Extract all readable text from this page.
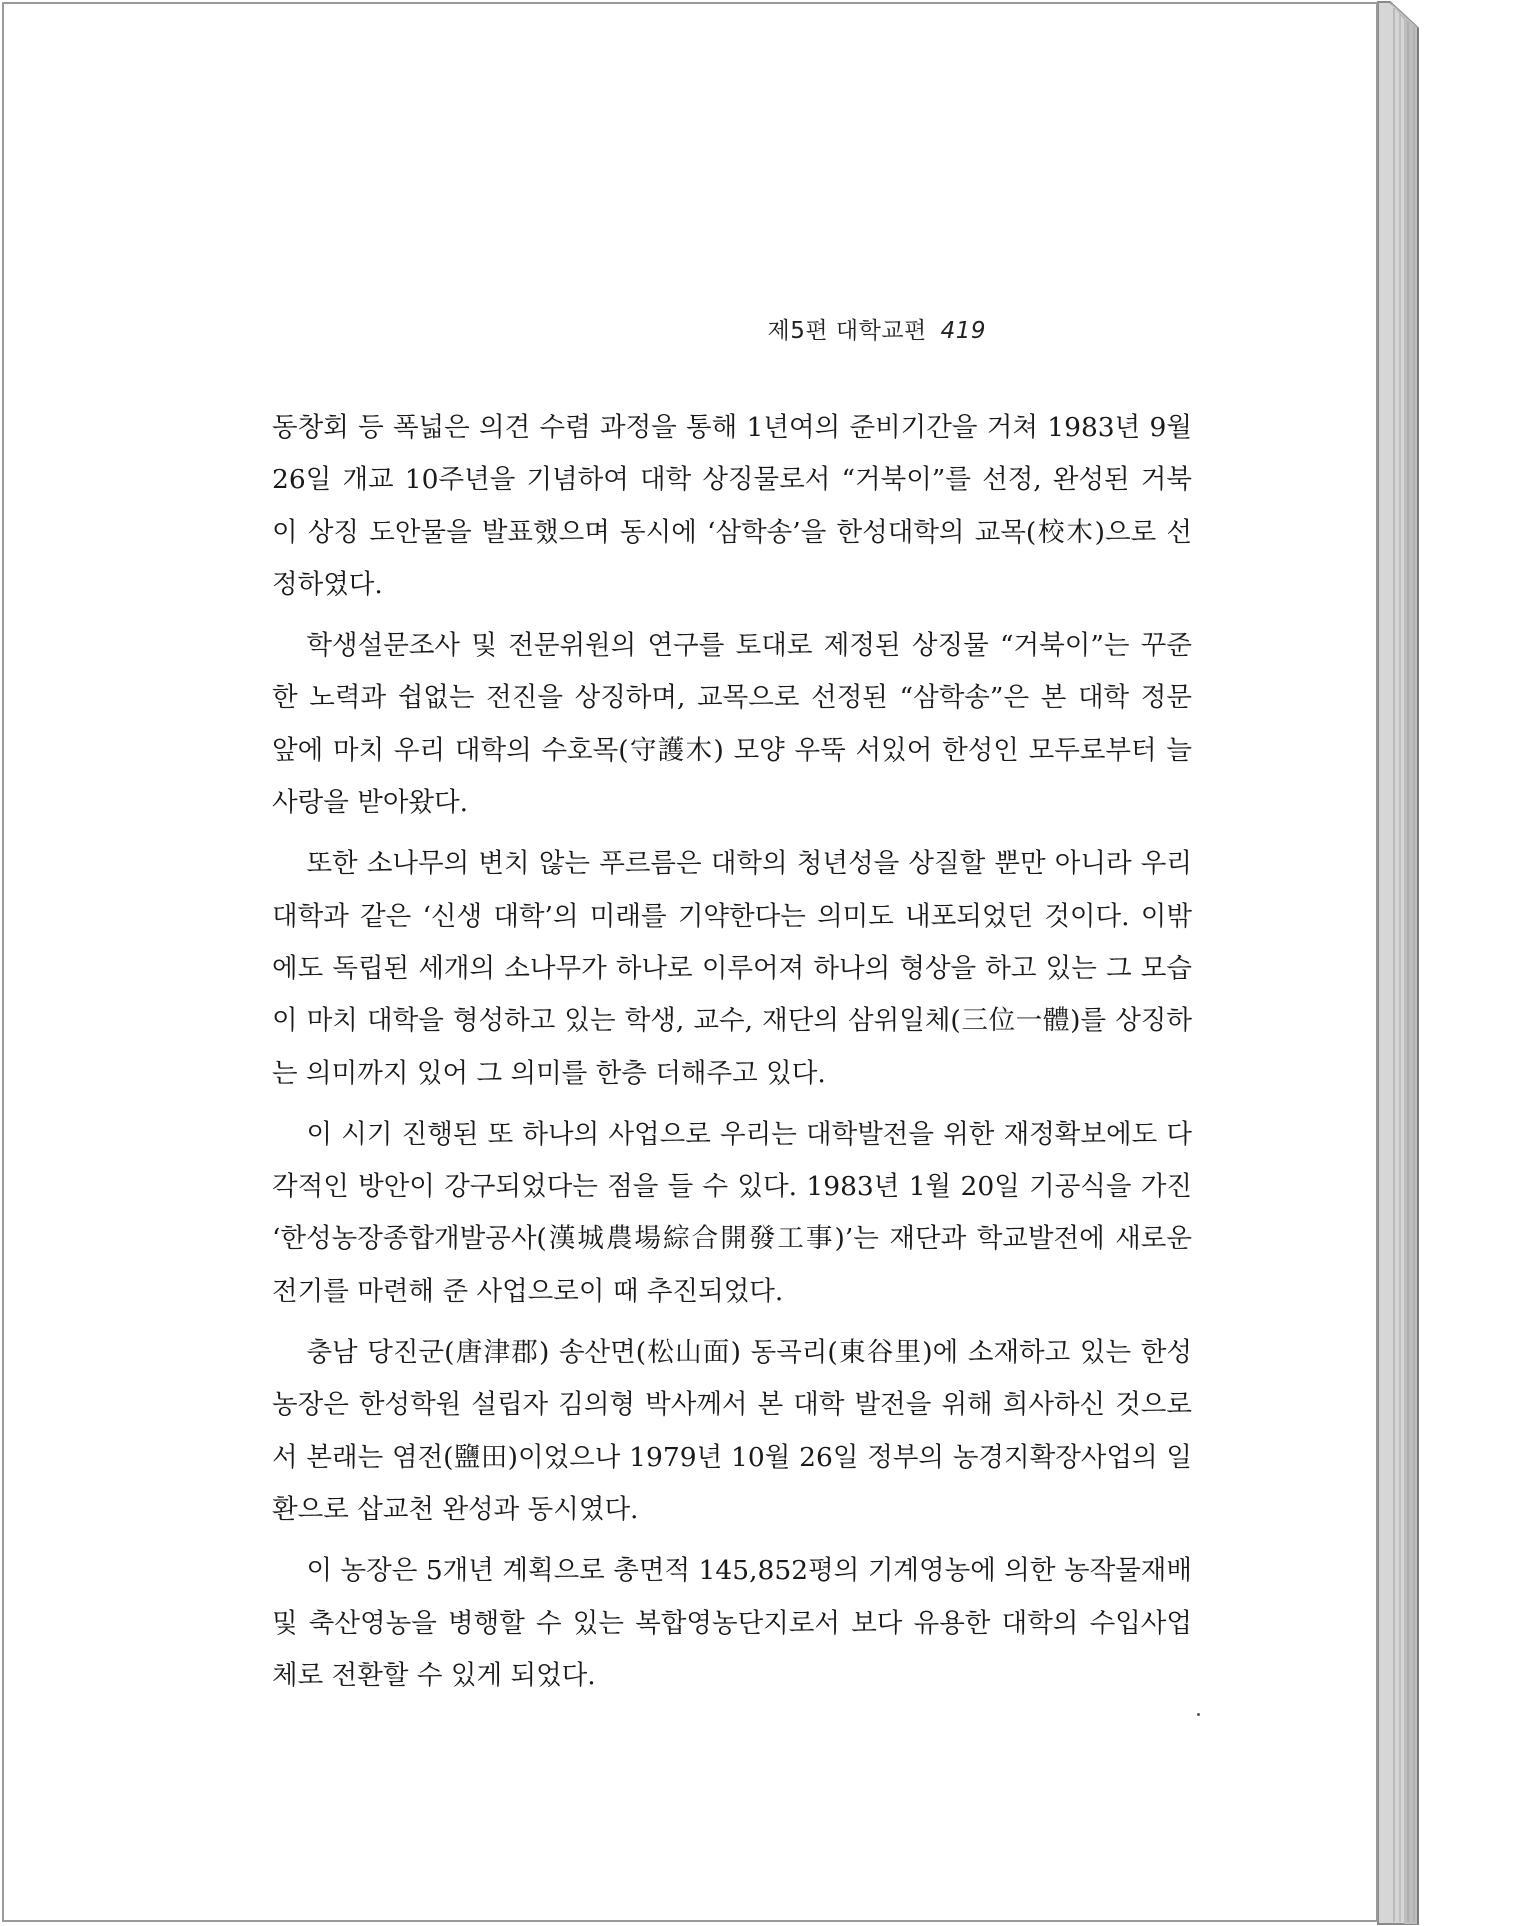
제5편 대학교편 419

동창회 등 폭넓은 의견 수렴 과정을 통해 1년여의 준비기간을 거쳐 1983년 9월 26일 개교 10주년을 기념하여 대학 상징물로서 “거북이”를 선정, 완성된 거북이 상징 도안물을 발표했으며 동시에 ‘삼학송’을 한성대학의 교목(校木)으로 선정하였다.

학생설문조사 및 전문위원의 연구를 토대로 제정된 상징물 “거북이”는 꾸준한 노력과 쉽없는 전진을 상징하며, 교목으로 선정된 “삼학송”은 본 대학 정문 앞에 마치 우리 대학의 수호목(守護木) 모양 우뚝 서있어 한성인 모두로부터 늘 사랑을 받아왔다.

또한 소나무의 변치 않는 푸르름은 대학의 청년성을 상질할 뿐만 아니라 우리 대학과 같은 ‘신생 대학’의 미래를 기약한다는 의미도 내포되었던 것이다. 이밖에도 독립된 세개의 소나무가 하나로 이루어져 하나의 형상을 하고 있는 그 모습이 마치 대학을 형성하고 있는 학생, 교수, 재단의 삼위일체(三位一體)를 상징하는 의미까지 있어 그 의미를 한층 더해주고 있다.

이 시기 진행된 또 하나의 사업으로 우리는 대학발전을 위한 재정확보에도 다각적인 방안이 강구되었다는 점을 들 수 있다. 1983년 1월 20일 기공식을 가진 ‘한성농장종합개발공사(漢城農場綜合開發工事)’는 재단과 학교발전에 새로운 전기를 마련해 준 사업으로이 때 추진되었다.

충남 당진군(唐津郡) 송산면(松山面) 동곡리(東谷里)에 소재하고 있는 한성농장은 한성학원 설립자 김의형 박사께서 본 대학 발전을 위해 희사하신 것으로서 본래는 염전(鹽田)이었으나 1979년 10월 26일 정부의 농경지확장사업의 일환으로 삽교천 완성과 동시였다.

이 농장은 5개년 계획으로 총면적 145,852평의 기계영농에 의한 농작물재배 및 축산영농을 병행할 수 있는 복합영농단지로서 보다 유용한 대학의 수입사업체로 전환할 수 있게 되었다.
